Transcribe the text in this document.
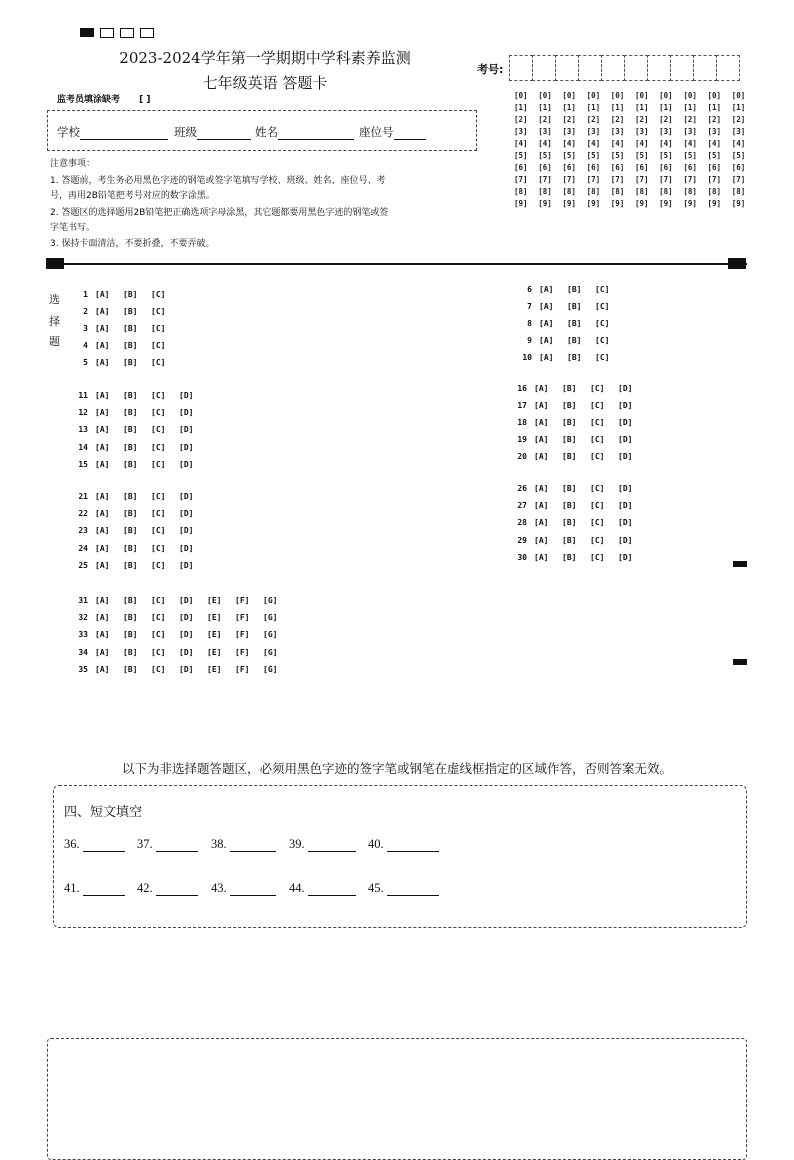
2023-2024学年第一学期期中学科素养监测
七年级英语 答题卡
考号:
[0]	[0]	[0]	[0]	[0]	[0]	[0]	[0]	[0]	[0]
[1]	[1]	[1]	[1]	[1]	[1]	[1]	[1]	[1]	[1]
[2]	[2]	[2]	[2]	[2]	[2]	[2]	[2]	[2]	[2]
[3]	[3]	[3]	[3]	[3]	[3]	[3]	[3]	[3]	[3]
[4]	[4]	[4]	[4]	[4]	[4]	[4]	[4]	[4]	[4]
[5]	[5]	[5]	[5]	[5]	[5]	[5]	[5]	[5]	[5]
[6]	[6]	[6]	[6]	[6]	[6]	[6]	[6]	[6]	[6]
[7]	[7]	[7]	[7]	[7]	[7]	[7]	[7]	[7]	[7]
[8]	[8]	[8]	[8]	[8]	[8]	[8]	[8]	[8]	[8]
[9]	[9]	[9]	[9]	[9]	[9]	[9]	[9]	[9]	[9]
监考员填涂缺考 [ ]
学校	班级	姓名	座位号
注意事项：
1. 答题前，考生务必用黑色字迹的钢笔或签字笔填写学校、班级、姓名、座位号、考
号，再用2B铅笔把考号对应的数字涂黑。
2. 答题区的选择题用2B铅笔把正确选项字母涂黑，其它题都要用黑色字迹的钢笔或签
字笔书写。
3. 保持卡面清洁，不要折叠，不要弄破。
选
择
题
1 [A]	[B]	[C]
2 [A]	[B]	[C]
3 [A]	[B]	[C]
4 [A]	[B]	[C]
5 [A]	[B]	[C]
6 [A]	[B]	[C]
7 [A]	[B]	[C]
8 [A]	[B]	[C]
9 [A]	[B]	[C]
10 [A]	[B]	[C]
11 [A]	[B]	[C]	[D]
12 [A]	[B]	[C]	[D]
13 [A]	[B]	[C]	[D]
14 [A]	[B]	[C]	[D]
15 [A]	[B]	[C]	[D]
16 [A]	[B]	[C]	[D]
17 [A]	[B]	[C]	[D]
18 [A]	[B]	[C]	[D]
19 [A]	[B]	[C]	[D]
20 [A]	[B]	[C]	[D]
21 [A]	[B]	[C]	[D]
22 [A]	[B]	[C]	[D]
23 [A]	[B]	[C]	[D]
24 [A]	[B]	[C]	[D]
25 [A]	[B]	[C]	[D]
26 [A]	[B]	[C]	[D]
27 [A]	[B]	[C]	[D]
28 [A]	[B]	[C]	[D]
29 [A]	[B]	[C]	[D]
30 [A]	[B]	[C]	[D]
31 [A]	[B]	[C]	[D]	[E]	[F]	[G]
32 [A]	[B]	[C]	[D]	[E]	[F]	[G]
33 [A]	[B]	[C]	[D]	[E]	[F]	[G]
34 [A]	[B]	[C]	[D]	[E]	[F]	[G]
35 [A]	[B]	[C]	[D]	[E]	[F]	[G]
以下为非选择题答题区，必须用黑色字迹的签字笔或钢笔在虚线框指定的区域作答，否则答案无效。
四、短文填空
36.	37.	38.	39.	40.
41.	42.	43.	44.	45.
